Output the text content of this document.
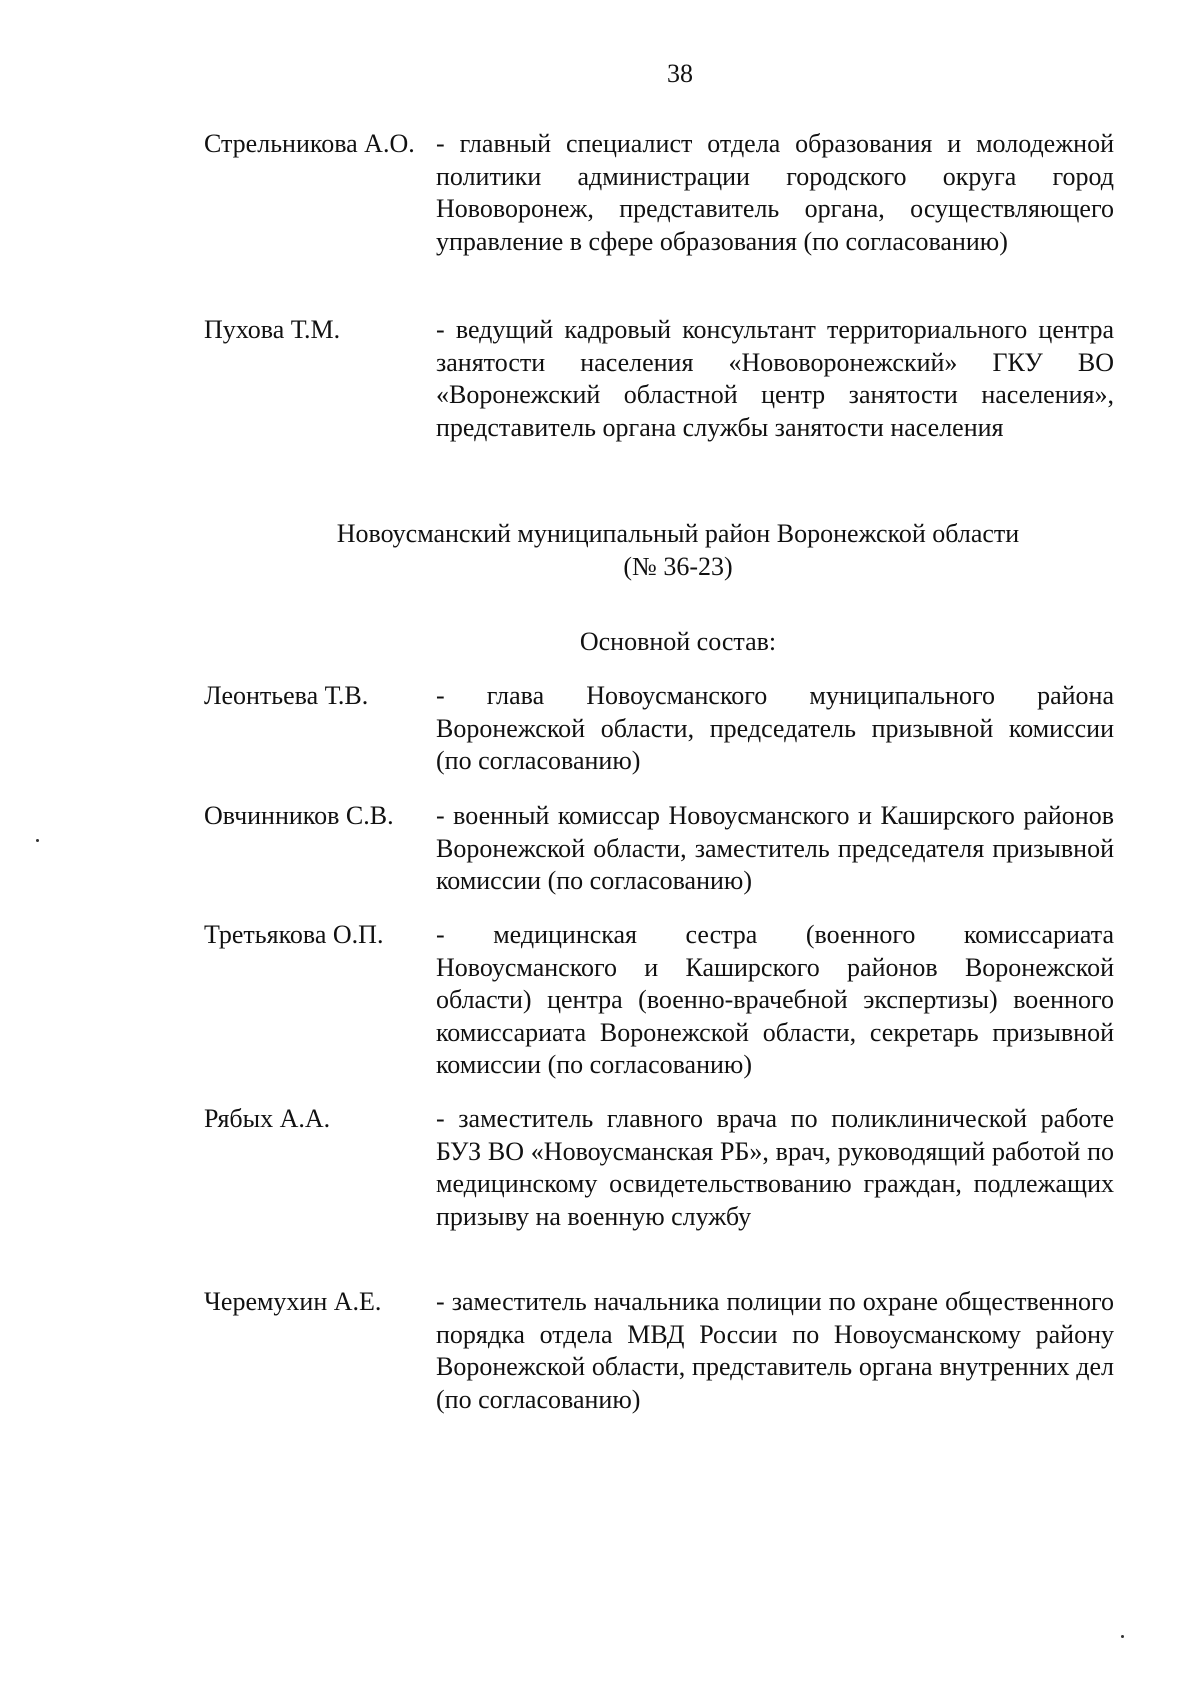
38
Стрельникова А.О. - главный специалист отдела образования и молодежной политики администрации городского округа город Нововоронеж, представитель органа, осуществляющего управление в сфере образования (по согласованию)
Пухова Т.М.	- ведущий кадровый консультант территориального центра занятости населения «Нововоронежский» ГКУ ВО «Воронежский областной центр занятости населения», представитель органа службы занятости населения
Новоусманский муниципальный район Воронежской области
(№ 36-23)
Основной состав:
Леонтьева Т.В.	- глава Новоусманского муниципального района Воронежской области, председатель призывной комиссии (по согласованию)
Овчинников С.В.	- военный комиссар Новоусманского и Каширского районов Воронежской области, заместитель председателя призывной комиссии (по согласованию)
Третьякова О.П.	- медицинская сестра (военного комиссариата Новоусманского и Каширского районов Воронежской области) центра (военно-врачебной экспертизы) военного комиссариата Воронежской области, секретарь призывной комиссии (по согласованию)
Рябых А.А.	- заместитель главного врача по поликлинической работе БУЗ ВО «Новоусманская РБ», врач, руководящий работой по медицинскому освидетельствованию граждан, подлежащих призыву на военную службу
Черемухин А.Е.	- заместитель начальника полиции по охране общественного порядка отдела МВД России по Новоусманскому району Воронежской области, представитель органа внутренних дел (по согласованию)
